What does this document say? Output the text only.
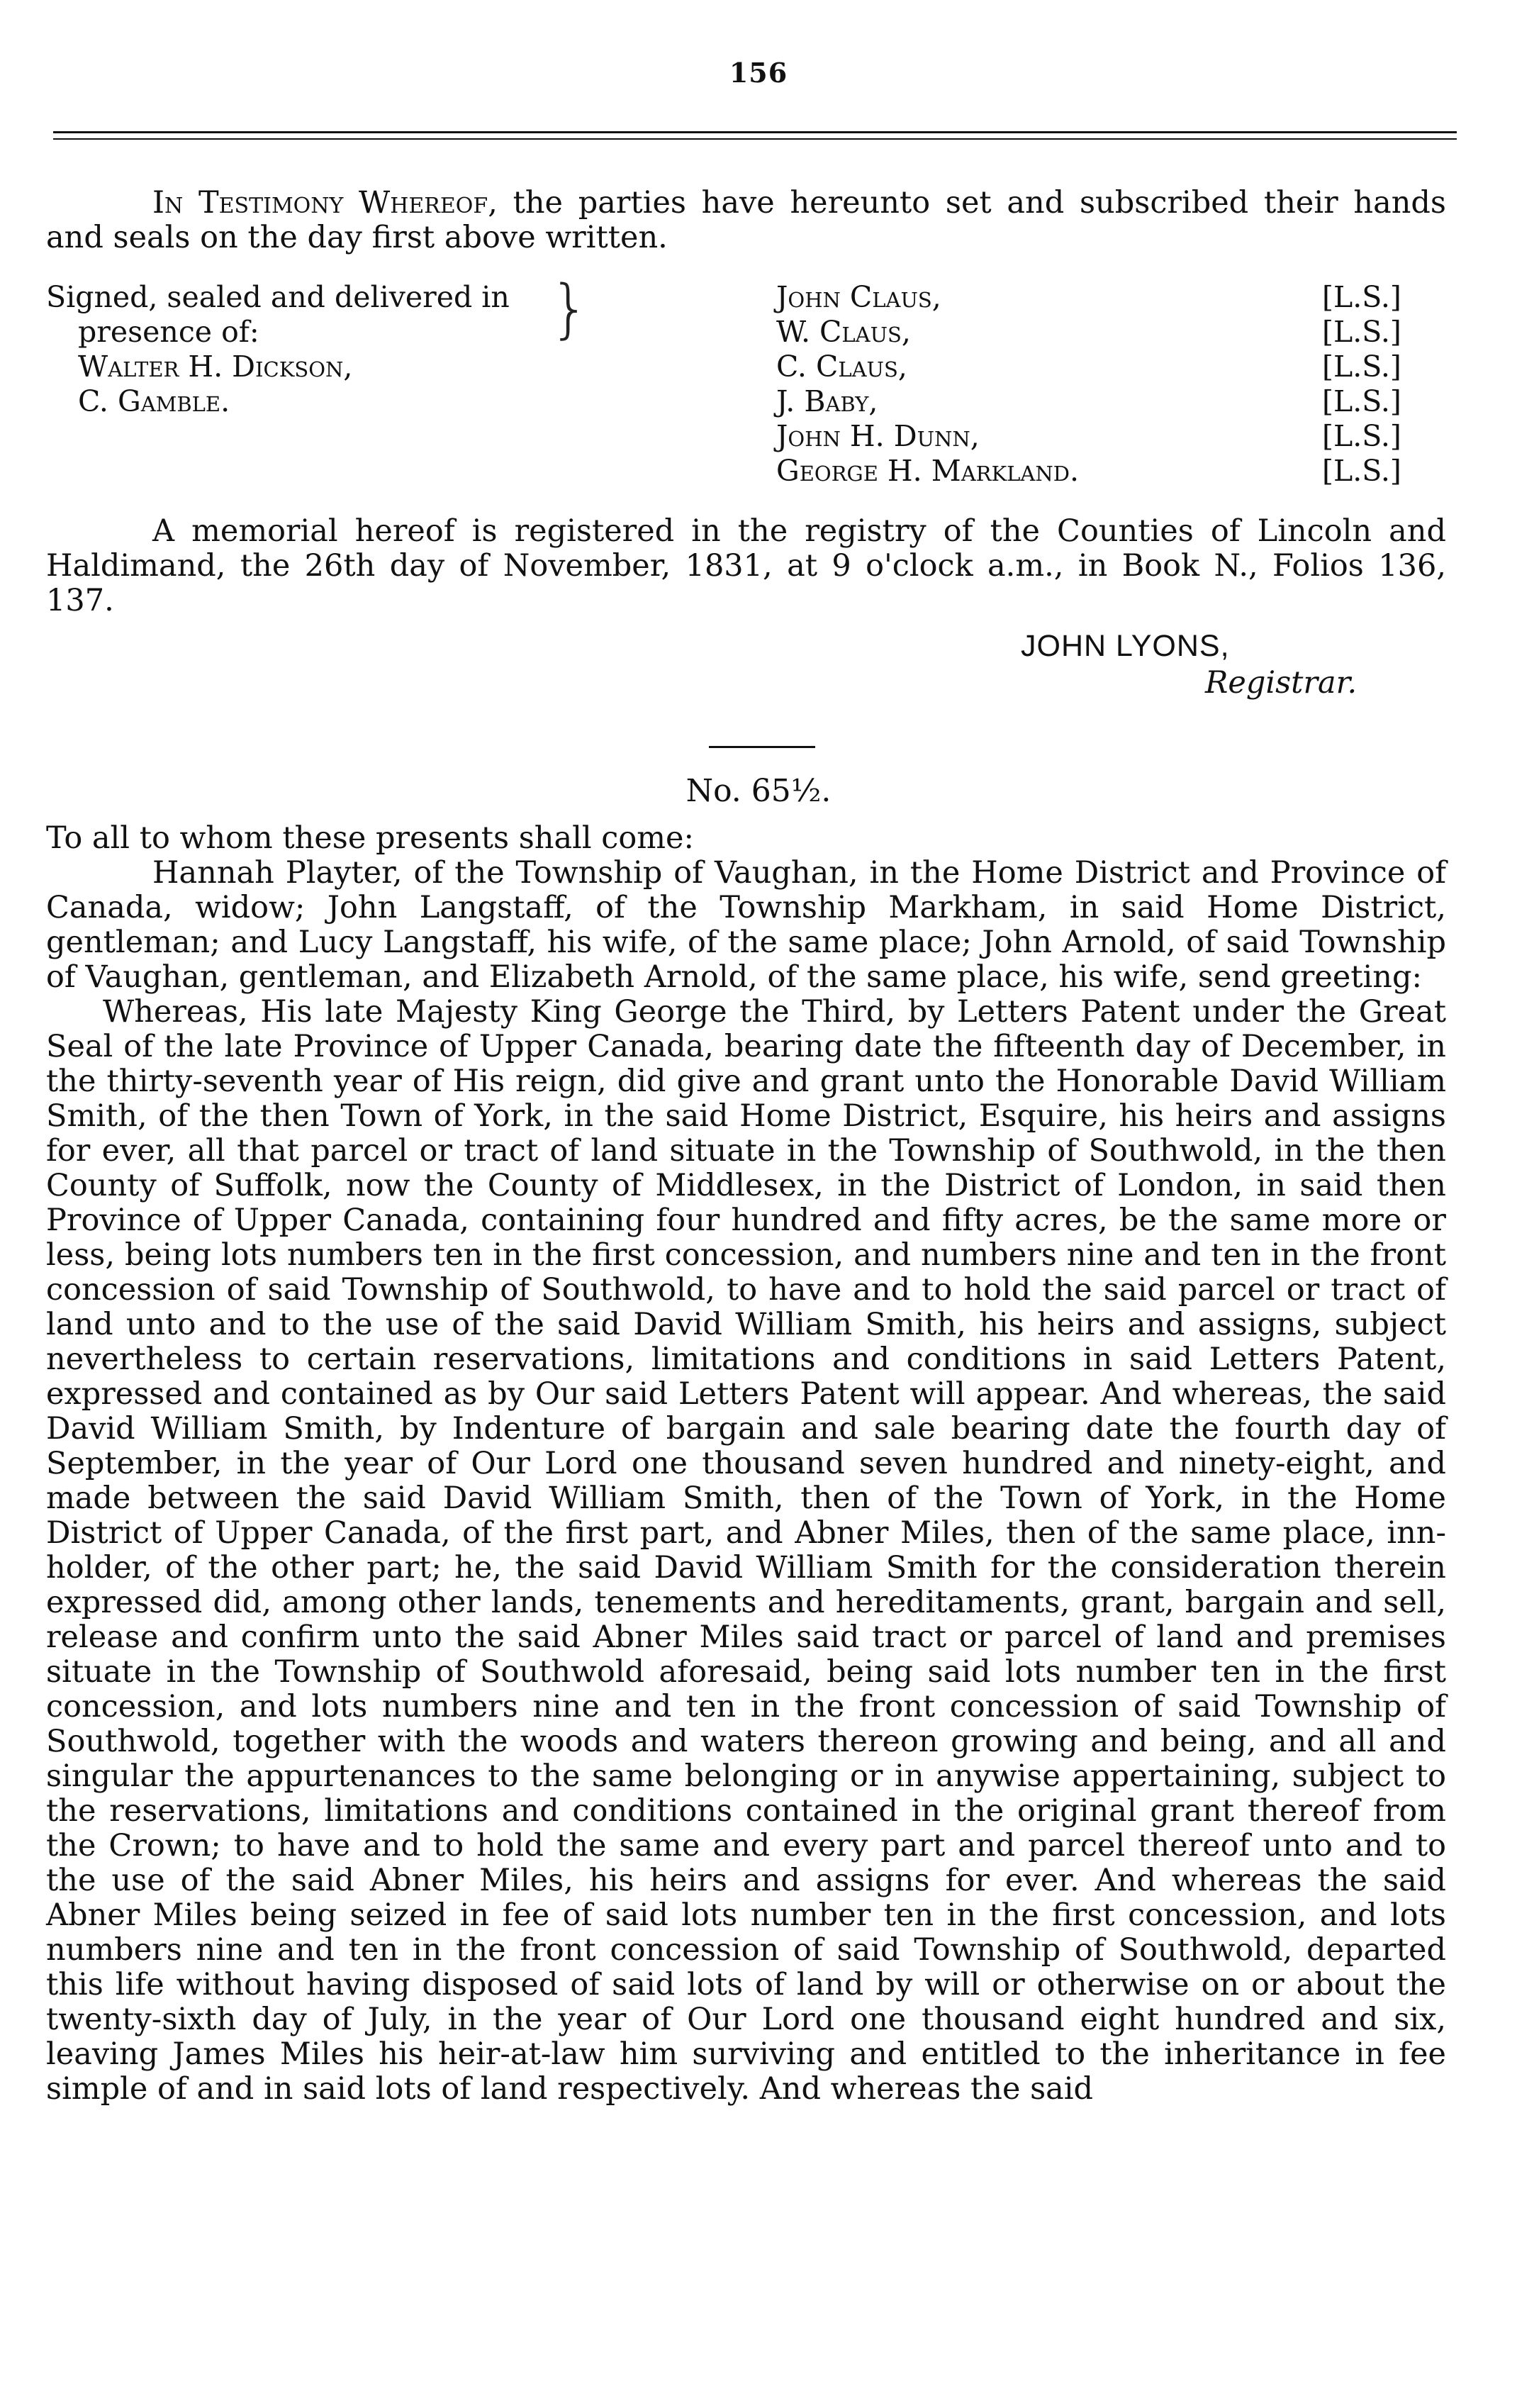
156

In Testimony Whereof, the parties have hereunto set and subscribed their hands and seals on the day first above written.

Signed, sealed and delivered in
presence of:
Walter H. Dickson,
C. Gamble.
}	John Claus,
W. Claus,
C. Claus,
J. Baby,
John H. Dunn,
George H. Markland.
[L.S.]
[L.S.]
[L.S.]
[L.S.]
[L.S.]
[L.S.]

A memorial hereof is registered in the registry of the Counties of Lincoln and Haldimand, the 26th day of November, 1831, at 9 o'clock a.m., in Book N., Folios 136, 137.

JOHN LYONS,
Registrar.
No. 65½.

To all to whom these presents shall come:

Hannah Playter, of the Township of Vaughan, in the Home District and Province of Canada, widow; John Langstaff, of the Township Markham, in said Home District, gentleman; and Lucy Langstaff, his wife, of the same place; John Arnold, of said Township of Vaughan, gentleman, and Elizabeth Arnold, of the same place, his wife, send greeting:

Whereas, His late Majesty King George the Third, by Letters Patent under the Great Seal of the late Province of Upper Canada, bearing date the fifteenth day of December, in the thirty-seventh year of His reign, did give and grant unto the Honorable David William Smith, of the then Town of York, in the said Home District, Esquire, his heirs and assigns for ever, all that parcel or tract of land situate in the Township of Southwold, in the then County of Suffolk, now the County of Middlesex, in the District of London, in said then Province of Upper Canada, containing four hundred and fifty acres, be the same more or less, being lots numbers ten in the first concession, and numbers nine and ten in the front concession of said Township of Southwold, to have and to hold the said parcel or tract of land unto and to the use of the said David William Smith, his heirs and assigns, subject nevertheless to certain reservations, limitations and conditions in said Letters Patent, expressed and contained as by Our said Letters Patent will appear. And whereas, the said David William Smith, by Indenture of bargain and sale bearing date the fourth day of September, in the year of Our Lord one thousand seven hundred and ninety-eight, and made between the said David William Smith, then of the Town of York, in the Home District of Upper Canada, of the first part, and Abner Miles, then of the same place, inn-holder, of the other part; he, the said David William Smith for the consideration therein expressed did, among other lands, tenements and hereditaments, grant, bargain and sell, release and confirm unto the said Abner Miles said tract or parcel of land and premises situate in the Township of Southwold aforesaid, being said lots number ten in the first concession, and lots numbers nine and ten in the front concession of said Township of Southwold, together with the woods and waters thereon growing and being, and all and singular the appurtenances to the same belonging or in anywise appertaining, subject to the reservations, limitations and conditions contained in the original grant thereof from the Crown; to have and to hold the same and every part and parcel thereof unto and to the use of the said Abner Miles, his heirs and assigns for ever. And whereas the said Abner Miles being seized in fee of said lots number ten in the first concession, and lots numbers nine and ten in the front concession of said Township of Southwold, departed this life without having disposed of said lots of land by will or otherwise on or about the twenty-sixth day of July, in the year of Our Lord one thousand eight hundred and six, leaving James Miles his heir-at-law him surviving and entitled to the inheritance in fee simple of and in said lots of land respectively. And whereas the said
